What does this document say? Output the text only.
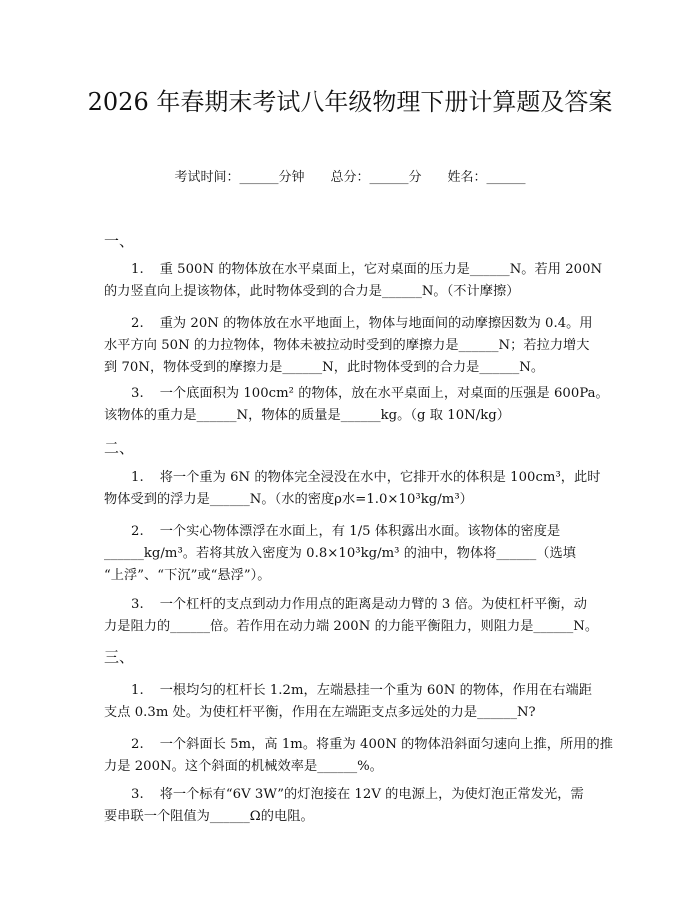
2026 年春期末考试八年级物理下册计算题及答案
考试时间：______分钟 总分：______分 姓名：______
一、
1. 重 500N 的物体放在水平桌面上，它对桌面的压力是______N。若用 200N
的力竖直向上提该物体，此时物体受到的合力是______N。（不计摩擦）
2. 重为 20N 的物体放在水平地面上，物体与地面间的动摩擦因数为 0.4。用
水平方向 50N 的力拉物体，物体未被拉动时受到的摩擦力是______N；若拉力增大
到 70N，物体受到的摩擦力是______N，此时物体受到的合力是______N。
3. 一个底面积为 100cm² 的物体，放在水平桌面上，对桌面的压强是 600Pa。
该物体的重力是______N，物体的质量是______kg。（g 取 10N/kg）
二、
1. 将一个重为 6N 的物体完全浸没在水中，它排开水的体积是 100cm³，此时
物体受到的浮力是______N。（水的密度ρ水=1.0×10³kg/m³）
2. 一个实心物体漂浮在水面上，有 1/5 体积露出水面。该物体的密度是
______kg/m³。若将其放入密度为 0.8×10³kg/m³ 的油中，物体将______（选填
“上浮”、“下沉”或“悬浮”）。
3. 一个杠杆的支点到动力作用点的距离是动力臂的 3 倍。为使杠杆平衡，动
力是阻力的______倍。若作用在动力端 200N 的力能平衡阻力，则阻力是______N。
三、
1. 一根均匀的杠杆长 1.2m，左端悬挂一个重为 60N 的物体，作用在右端距
支点 0.3m 处。为使杠杆平衡，作用在左端距支点多远处的力是______N?
2. 一个斜面长 5m，高 1m。将重为 400N 的物体沿斜面匀速向上推，所用的推
力是 200N。这个斜面的机械效率是______%。
3. 将一个标有“6V 3W”的灯泡接在 12V 的电源上，为使灯泡正常发光，需
要串联一个阻值为______Ω的电阻。
